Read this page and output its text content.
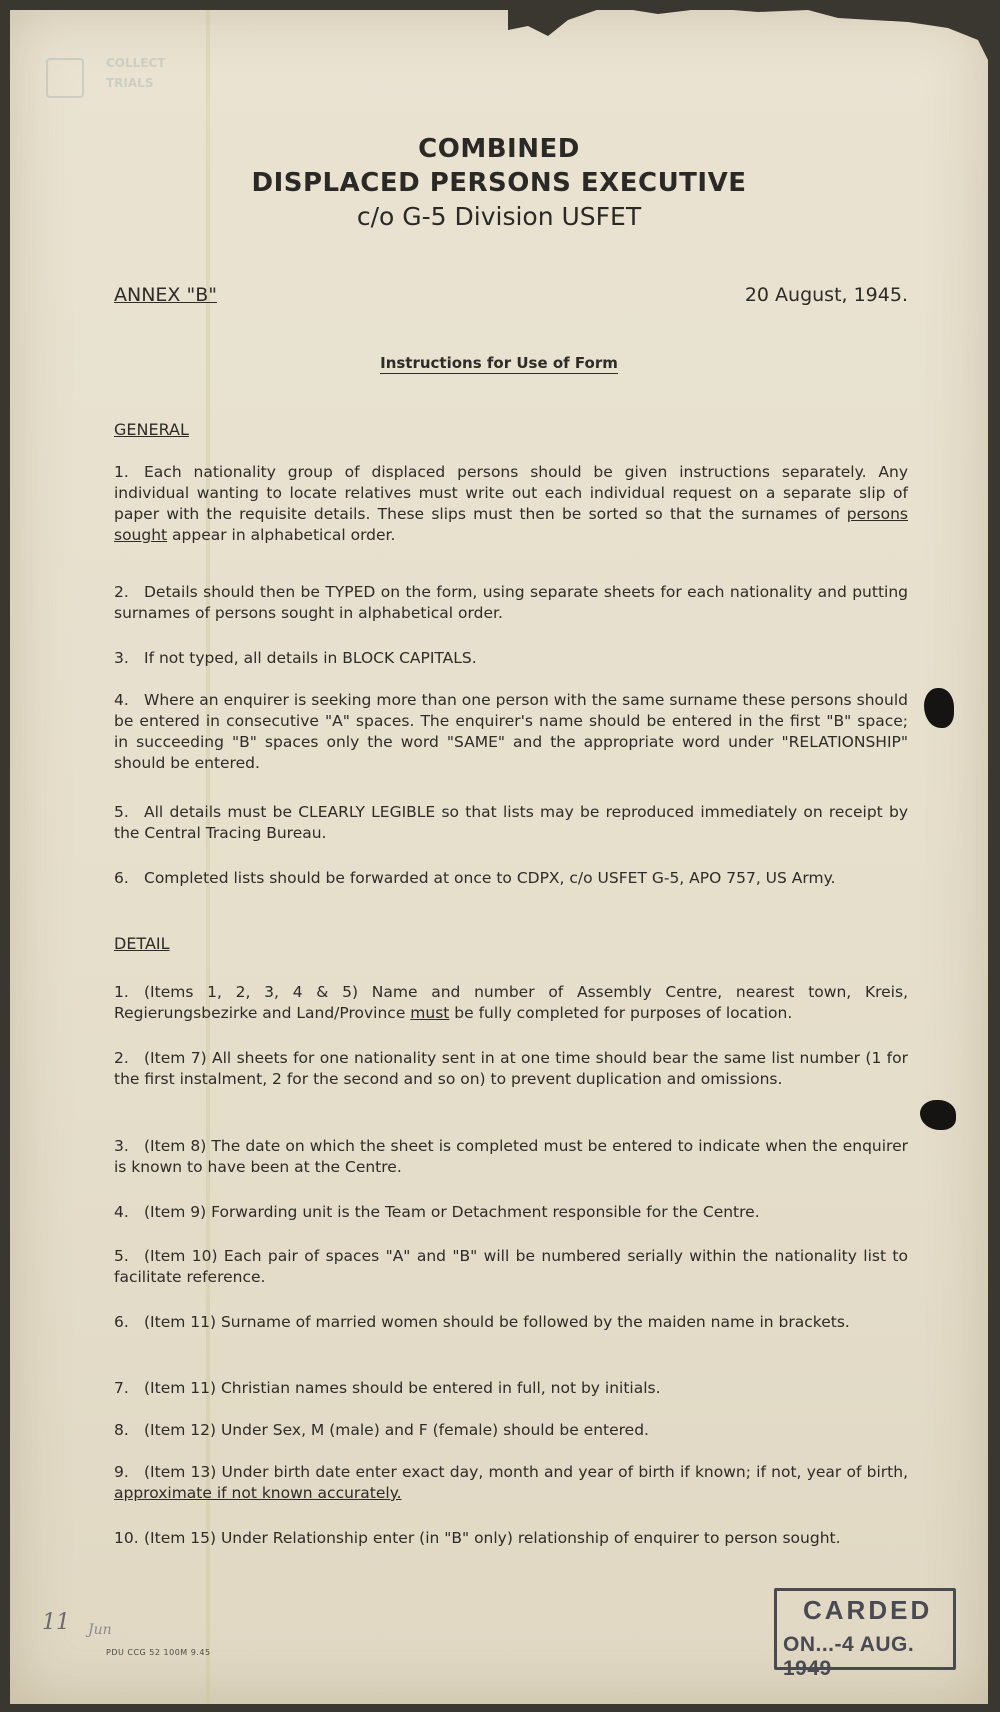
COLLECT
TRIALS
COMBINED
DISPLACED PERSONS EXECUTIVE
c/o G-5 Division USFET
ANNEX "B"	20 August, 1945.
Instructions for Use of Form
GENERAL
1. Each nationality group of displaced persons should be given instructions separately. Any individual wanting to locate relatives must write out each individual request on a separate slip of paper with the requisite details. These slips must then be sorted so that the surnames of persons sought appear in alphabetical order.
2. Details should then be TYPED on the form, using separate sheets for each nationality and putting surnames of persons sought in alphabetical order.
3. If not typed, all details in BLOCK CAPITALS.
4. Where an enquirer is seeking more than one person with the same surname these persons should be entered in consecutive "A" spaces. The enquirer's name should be entered in the first "B" space; in succeeding "B" spaces only the word "SAME" and the appropriate word under "RELATIONSHIP" should be entered.
5. All details must be CLEARLY LEGIBLE so that lists may be reproduced immediately on receipt by the Central Tracing Bureau.
6. Completed lists should be forwarded at once to CDPX, c/o USFET G-5, APO 757, US Army.
DETAIL
1. (Items 1, 2, 3, 4 & 5) Name and number of Assembly Centre, nearest town, Kreis, Regierungsbezirke and Land/Province must be fully completed for purposes of location.
2. (Item 7) All sheets for one nationality sent in at one time should bear the same list number (1 for the first instalment, 2 for the second and so on) to prevent duplication and omissions.
3. (Item 8) The date on which the sheet is completed must be entered to indicate when the enquirer is known to have been at the Centre.
4. (Item 9) Forwarding unit is the Team or Detachment responsible for the Centre.
5. (Item 10) Each pair of spaces "A" and "B" will be numbered serially within the nationality list to facilitate reference.
6. (Item 11) Surname of married women should be followed by the maiden name in brackets.
7. (Item 11) Christian names should be entered in full, not by initials.
8. (Item 12) Under Sex, M (male) and F (female) should be entered.
9. (Item 13) Under birth date enter exact day, month and year of birth if known; if not, year of birth, approximate if not known accurately.
10. (Item 15) Under Relationship enter (in "B" only) relationship of enquirer to person sought.
11 Jun
PDU CCG 52 100M 9.45
CARDED
ON...-4 AUG. 1949
